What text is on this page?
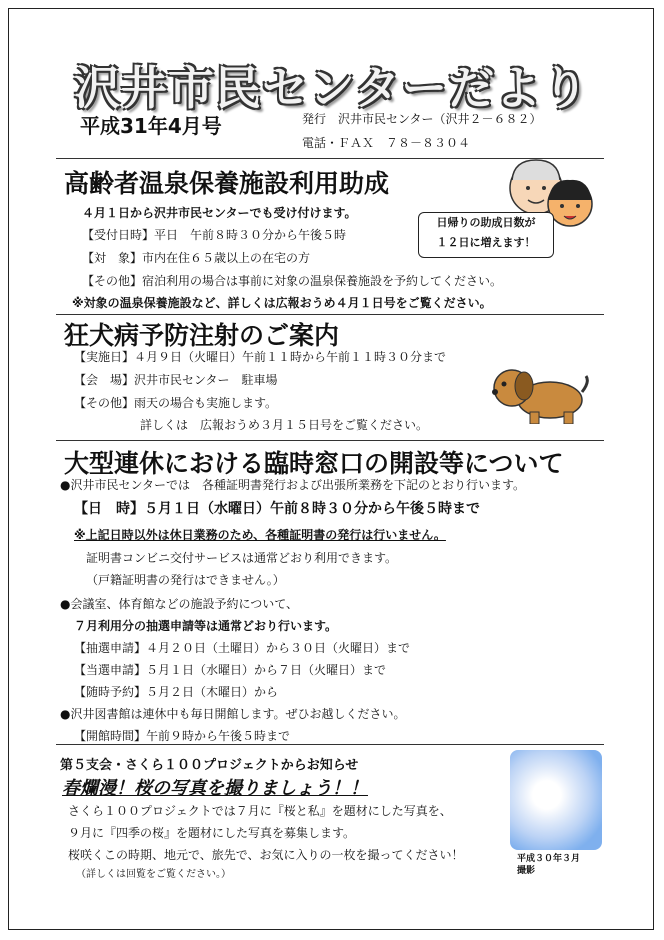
沢井市民センターだより
平成31年4月号	発行　沢井市民センター（沢井２－６８２）
電話・ＦＡＸ　７８－８３０４
高齢者温泉保養施設利用助成
４月１日から沢井市民センターでも受け付けます。
【受付日時】平日　午前８時３０分から午後５時
【対　象】市内在住６５歳以上の在宅の方
【その他】宿泊利用の場合は事前に対象の温泉保養施設を予約してください。
※対象の温泉保養施設など、詳しくは広報おうめ４月１日号をご覧ください。
日帰りの助成日数が
１２日に増えます！
狂犬病予防注射のご案内
【実施日】４月９日（火曜日）午前１１時から午前１１時３０分まで
【会　場】沢井市民センター　駐車場
【その他】雨天の場合も実施します。
詳しくは　広報おうめ３月１５日号をご覧ください。
大型連休における臨時窓口の開設等について
●沢井市民センターでは　各種証明書発行および出張所業務を下記のとおり行います。
【日　時】５月１日（水曜日）午前８時３０分から午後５時まで
※上記日時以外は休日業務のため、各種証明書の発行は行いません。
証明書コンビニ交付サービスは通常どおり利用できます。
（戸籍証明書の発行はできません。）
●会議室、体育館などの施設予約について、
７月利用分の抽選申請等は通常どおり行います。
【抽選申請】４月２０日（土曜日）から３０日（火曜日）まで
【当選申請】５月１日（水曜日）から７日（火曜日）まで
【随時予約】５月２日（木曜日）から
●沢井図書館は連休中も毎日開館します。ぜひお越しください。
【開館時間】午前９時から午後５時まで
第５支会・さくら１００プロジェクトからお知らせ
春爛漫！桜の写真を撮りましょう！！
さくら１００プロジェクトでは７月に『桜と私』を題材にした写真を、
９月に『四季の桜』を題材にした写真を募集します。
桜咲くこの時期、地元で、旅先で、お気に入りの一枚を撮ってください！
（詳しくは回覧をご覧ください。）
平成３０年３月
撮影
